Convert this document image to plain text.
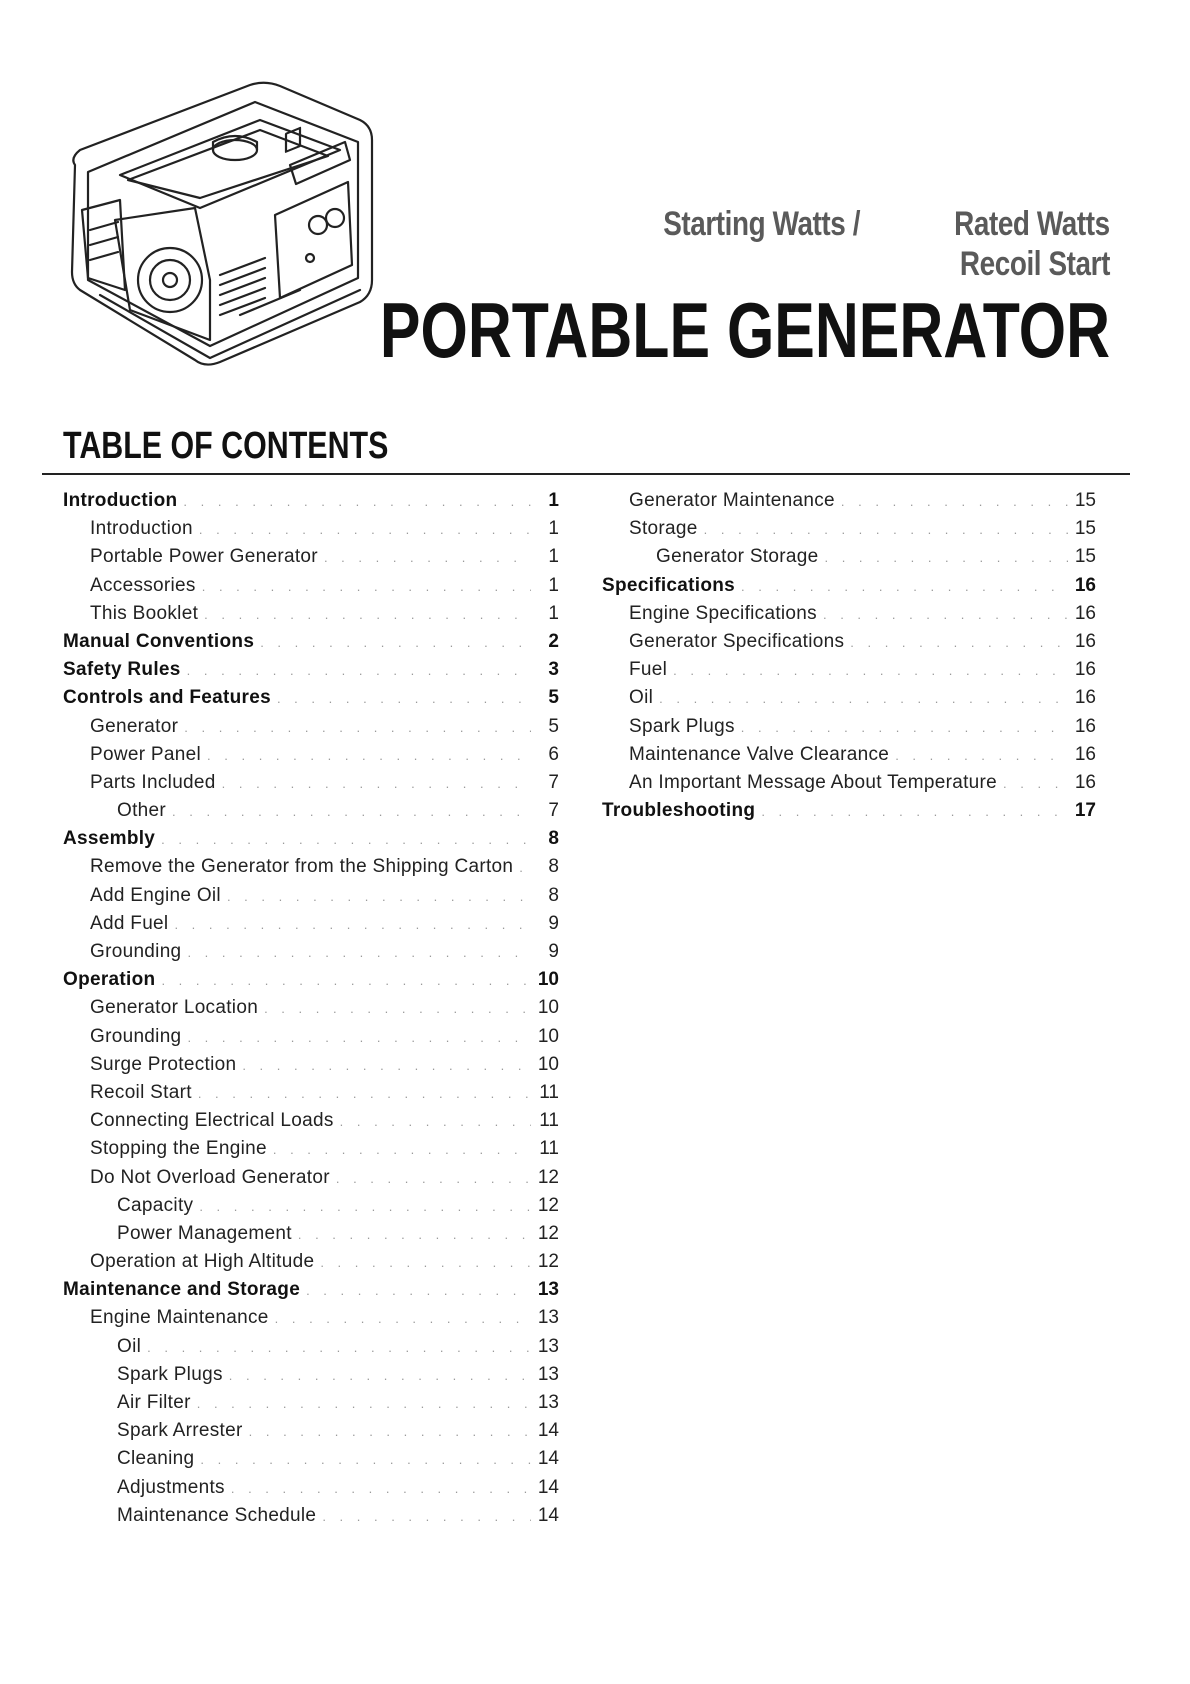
Starting Watts /	Rated Watts
Recoil Start
PORTABLE GENERATOR
TABLE OF CONTENTS
Introduction . . .	1
Introduction . . .	1
Portable Power Generator . . .	1
Accessories . . .	1
This Booklet . . .	1
Manual Conventions . . .	2
Safety Rules . . .	3
Controls and Features . . .	5
Generator . . .	5
Power Panel . . .	6
Parts Included . . .	7
Other . . .	7
Assembly . . .	8
Remove the Generator from the Shipping Carton . . .	8
Add Engine Oil . . .	8
Add Fuel . . .	9
Grounding . . .	9
Operation . . .	10
Generator Location . . .	10
Grounding . . .	10
Surge Protection . . .	10
Recoil Start . . .	11
Connecting Electrical Loads . . .	11
Stopping the Engine . . .	11
Do Not Overload Generator . . .	12
Capacity . . .	12
Power Management . . .	12
Operation at High Altitude . . .	12
Maintenance and Storage . . .	13
Engine Maintenance . . .	13
Oil . . .	13
Spark Plugs . . .	13
Air Filter . . .	13
Spark Arrester . . .	14
Cleaning . . .	14
Adjustments . . .	14
Maintenance Schedule . . .	14
Generator Maintenance . . .	15
Storage . . .	15
Generator Storage . . .	15
Specifications . . .	16
Engine Specifications . . .	16
Generator Specifications . . .	16
Fuel . . .	16
Oil . . .	16
Spark Plugs . . .	16
Maintenance Valve Clearance . . .	16
An Important Message About Temperature . . .	16
Troubleshooting . . .	17
